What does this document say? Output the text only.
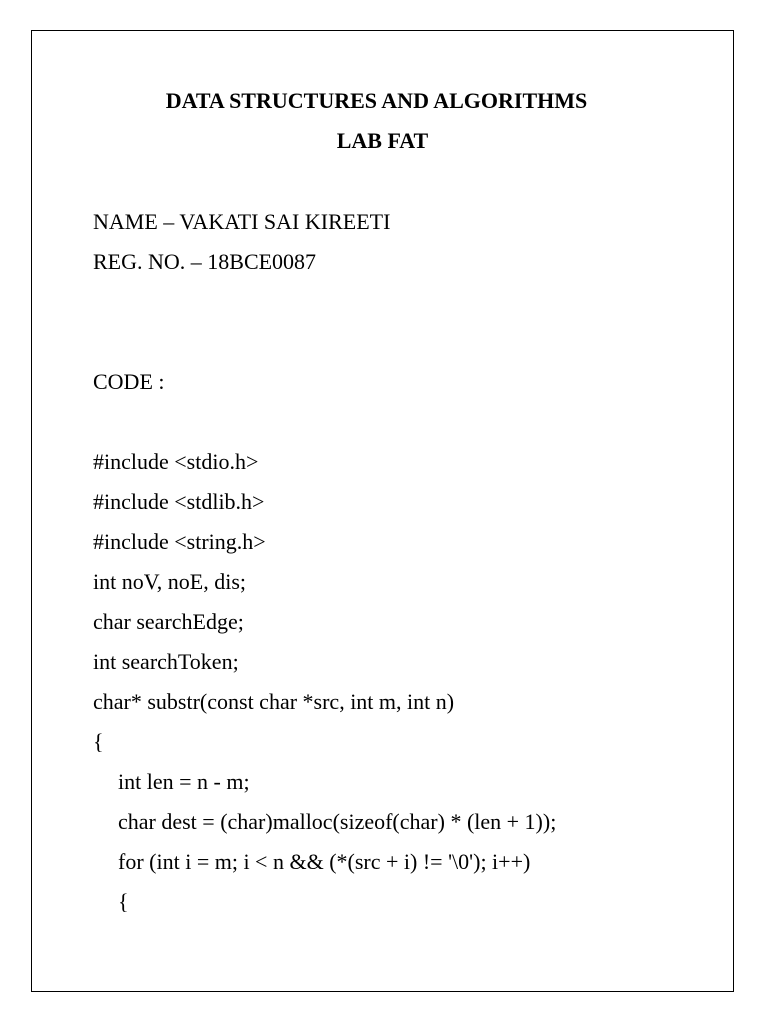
DATA STRUCTURES AND ALGORITHMS
LAB FAT
NAME – VAKATI SAI KIREETI
REG. NO. – 18BCE0087
CODE :
#include <stdio.h>
#include <stdlib.h>
#include <string.h>
int noV, noE, dis;
char searchEdge;
int searchToken;
char* substr(const char *src, int m, int n)
{
int len = n - m;
char dest = (char)malloc(sizeof(char) * (len + 1));
for (int i = m; i < n && (*(src + i) != '\0'); i++)
{
